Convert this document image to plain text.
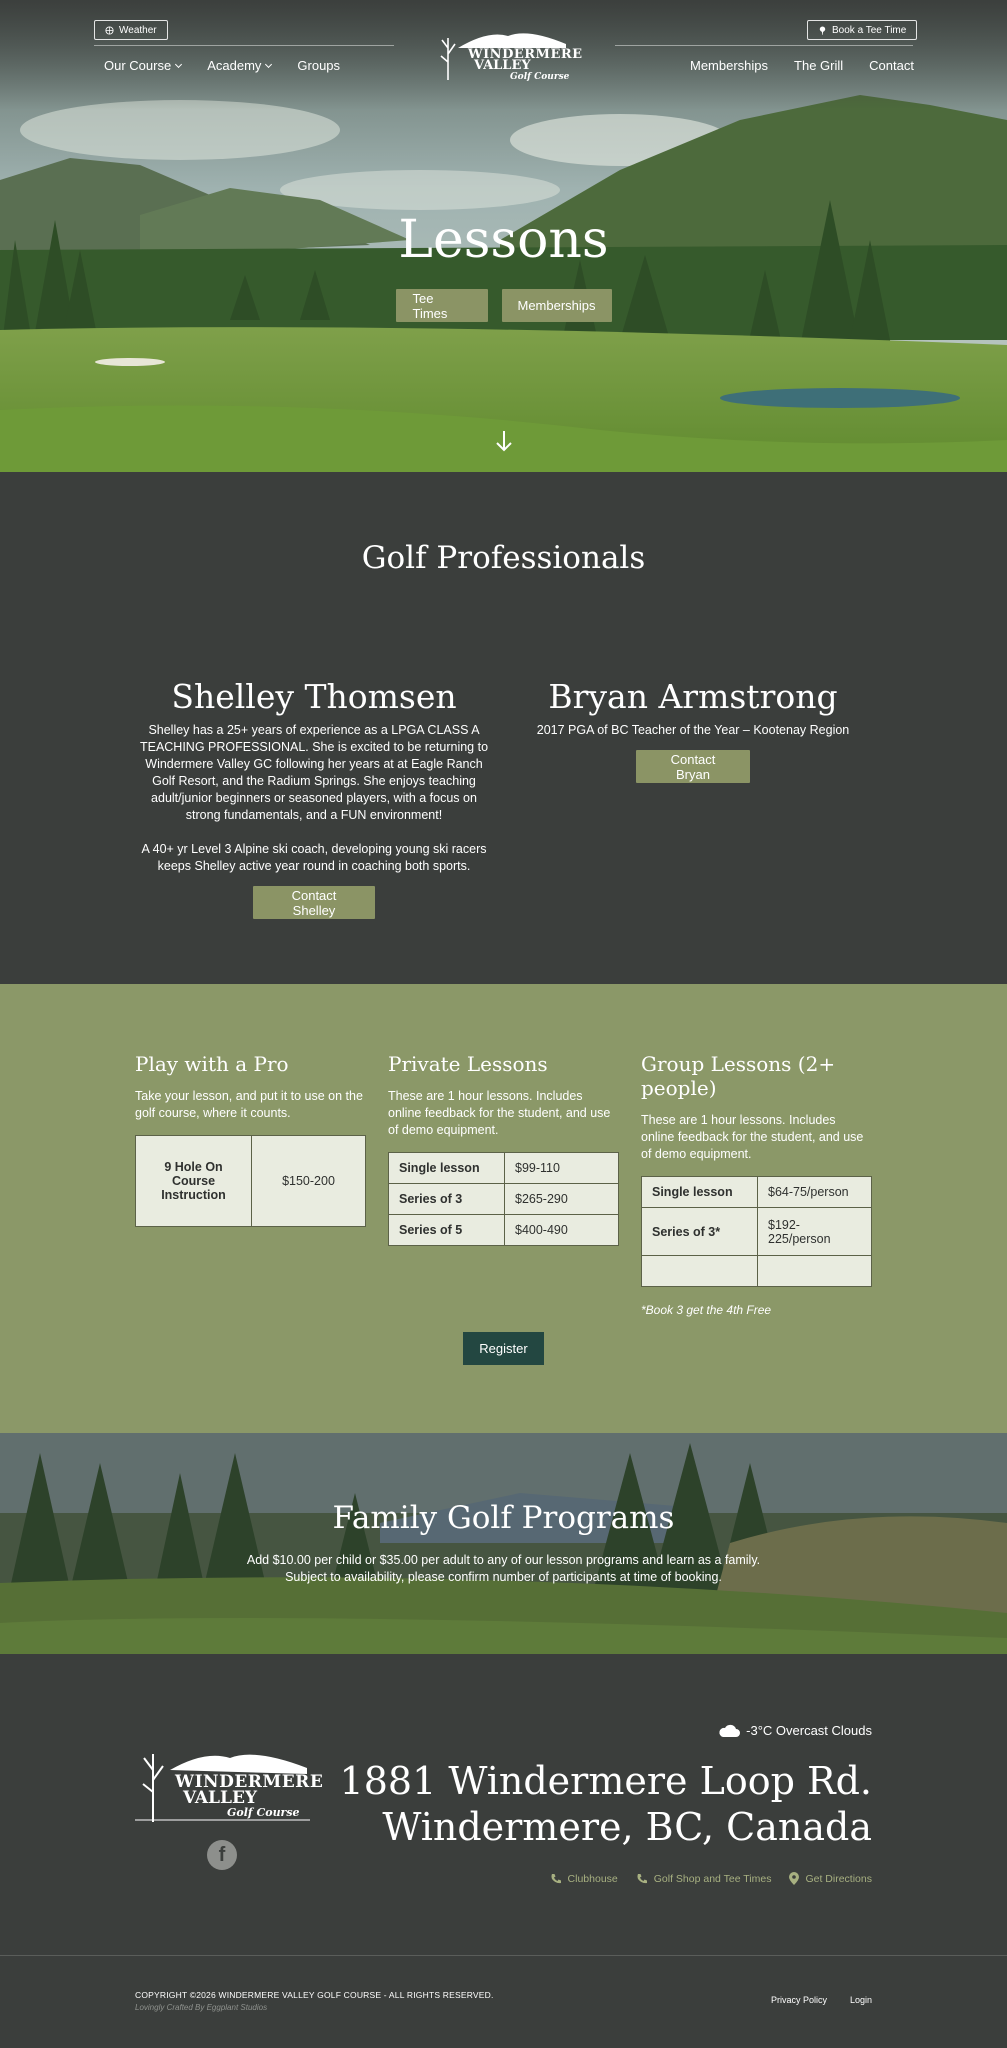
Weather	Book a Tee Time
Our Course	Academy	Groups	Memberships The Grill Contact
WINDERMERE
VALLEY
Golf Course
Lessons
Tee Times	Memberships
Golf Professionals
Shelley Thomsen

Shelley has a 25+ years of experience as a LPGA CLASS A TEACHING PROFESSIONAL. She is excited to be returning to Windermere Valley GC following her years at at Eagle Ranch Golf Resort, and the Radium Springs. She enjoys teaching adult/junior beginners or seasoned players, with a focus on strong fundamentals, and a FUN environment!

A 40+ yr Level 3 Alpine ski coach, developing young ski racers keeps Shelley active year round in coaching both sports.

Contact Shelley
Bryan Armstrong

2017 PGA of BC Teacher of the Year – Kootenay Region

Contact Bryan
Play with a Pro

Take your lesson, and put it to use on the golf course, where it counts.

9 Hole On Course Instruction	$150-200
Private Lessons

These are 1 hour lessons. Includes online feedback for the student, and use of demo equipment.

Single lesson	$99-110
Series of 3	$265-290
Series of 5	$400-490
Group Lessons (2+ people)

These are 1 hour lessons. Includes online feedback for the student, and use of demo equipment.

Single lesson	$64-75/person
Series of 3*	$192-225/person

*Book 3 get the 4th Free

Register
Family Golf Programs

Add $10.00 per child or $35.00 per adult to any of our lesson programs and learn as a family.
Subject to availability, please confirm number of participants at time of booking.

WINDERMERE
VALLEY
Golf Course
f
-3°C Overcast Clouds
1881 Windermere Loop Rd.
Windermere, BC, Canada
Clubhouse	Golf Shop and Tee Times	Get Directions
COPYRIGHT ©2026 WINDERMERE VALLEY GOLF COURSE - ALL RIGHTS RESERVED.
Lovingly Crafted By Eggplant Studios
Privacy Policy	Login
